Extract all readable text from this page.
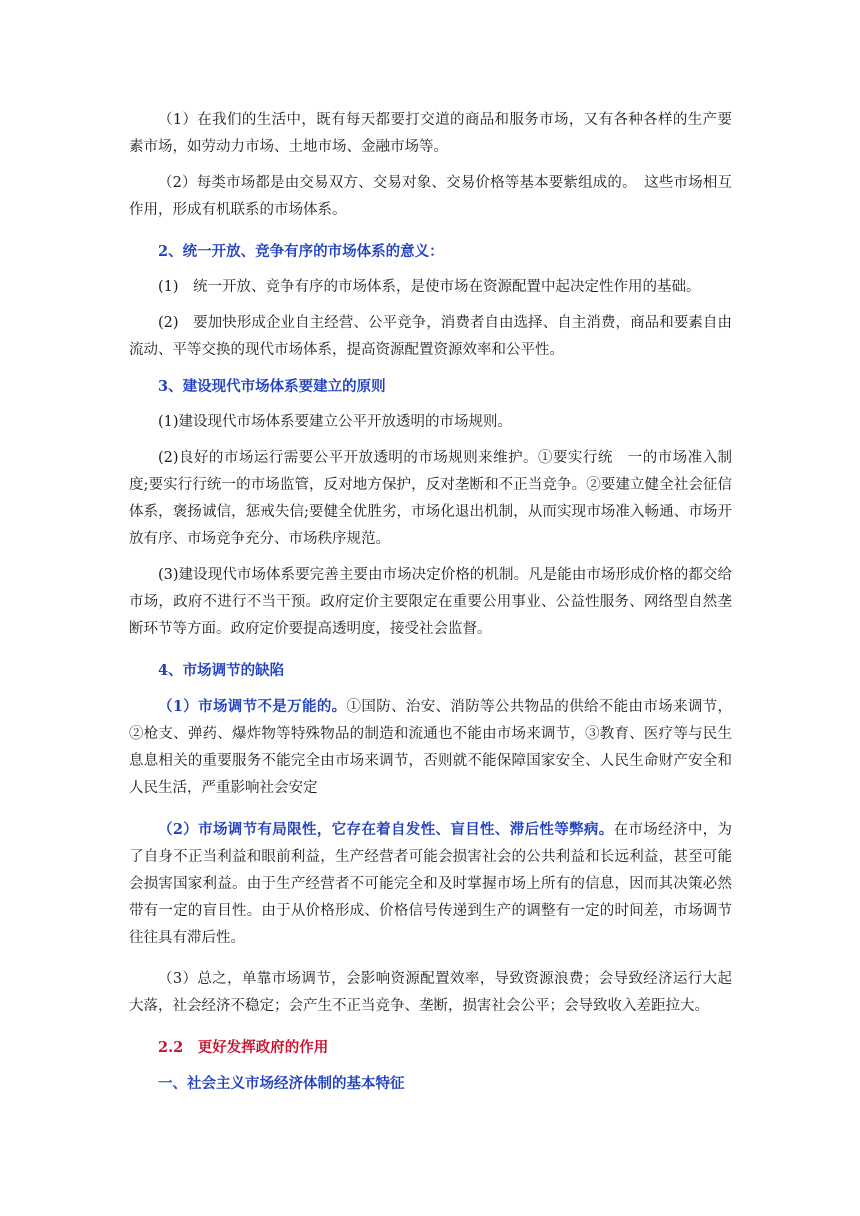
（1）在我们的生活中，既有每天都要打交道的商品和服务市场，又有各种各样的生产要素市场，如劳动力市场、土地市场、金融市场等。

（2）每类市场都是由交易双方、交易对象、交易价格等基本要紫组成的。　这些市场相互作用，形成有机联系的市场体系。

2、统一开放、竞争有序的市场体系的意义：

(1)　统一开放、竞争有序的市场体系，是使市场在资源配置中起决定性作用的基础。

(2)　要加快形成企业自主经营、公平竞争，消费者自由选择、自主消费，商品和要素自由流动、平等交换的现代市场体系，提高资源配置资源效率和公平性。

3、建设现代市场体系要建立的原则

(1)建设现代市场体系要建立公平开放透明的市场规则。

(2)良好的市场运行需要公平开放透明的市场规则来维护。①要实行统　一的市场准入制度;要实行行统一的市场监管，反对地方保护，反对垄断和不正当竞争。②要建立健全社会征信体系，褒扬诚信，惩戒失信;要健全优胜劣，市场化退出机制，从而实现市场准入畅通、市场开放有序、市场竞争充分、市场秩序规范。

(3)建设现代市场体系要完善主要由市场决定价格的机制。凡是能由市场形成价格的都交给市场，政府不进行不当干预。政府定价主要限定在重要公用事业、公益性服务、网络型自然垄断环节等方面。政府定价要提高透明度，接受社会监督。

4、市场调节的缺陷

（1）市场调节不是万能的。①国防、治安、消防等公共物品的供给不能由市场来调节，②枪支、弹药、爆炸物等特殊物品的制造和流通也不能由市场来调节，③教育、医疗等与民生息息相关的重要服务不能完全由市场来调节，否则就不能保障国家安全、人民生命财产安全和人民生活，严重影响社会安定

（2）市场调节有局限性，它存在着自发性、盲目性、滞后性等弊病。在市场经济中，为了自身不正当利益和眼前利益，生产经营者可能会损害社会的公共利益和长远利益，甚至可能会损害国家利益。由于生产经营者不可能完全和及时掌握市场上所有的信息，因而其决策必然带有一定的盲目性。由于从价格形成、价格信号传递到生产的调整有一定的时间差，市场调节往往具有滞后性。

（3）总之，单靠市场调节，会影响资源配置效率，导致资源浪费；会导致经济运行大起大落，社会经济不稳定；会产生不正当竞争、垄断，损害社会公平；会导致收入差距拉大。

2.2　更好发挥政府的作用

一、社会主义市场经济体制的基本特征
